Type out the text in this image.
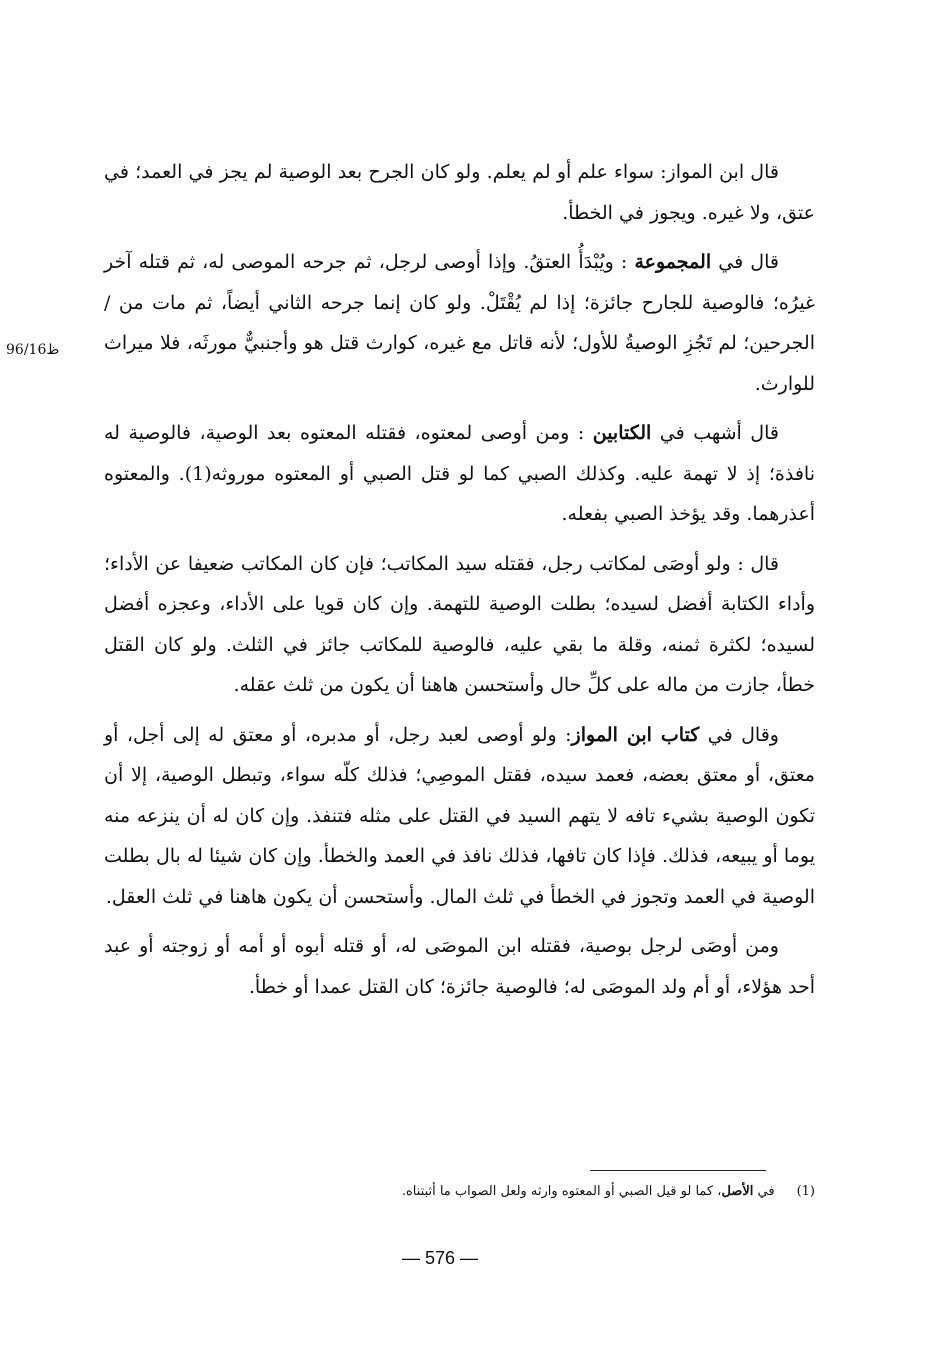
96/16ظ

قال ابن المواز: سواء علم أو لم يعلم. ولو كان الجرح بعد الوصية لم يجز في العمد؛ في عتق، ولا غيره. ويجوز في الخطأ.

قال في المجموعة : ويُبْدَأُ العتقُ. وإذا أوصى لرجل، ثم جرحه الموصى له، ثم قتله آخر غيرُه؛ فالوصية للجارح جائزة؛ إذا لم يُقْتَلْ. ولو كان إنما جرحه الثاني أيضاً، ثم مات من / الجرحين؛ لم تَجُزِ الوصيةُ للأول؛ لأنه قاتل مع غيره، كوارث قتل هو وأجنبيٌّ مورثَه، فلا ميراث للوارث.

قال أشهب في الكتابين : ومن أوصى لمعتوه، فقتله المعتوه بعد الوصية، فالوصية له نافذة؛ إذ لا تهمة عليه. وكذلك الصبي كما لو قتل الصبي أو المعتوه موروثه(1). والمعتوه أعذرهما. وقد يؤخذ الصبي بفعله.

قال : ولو أوصَى لمكاتب رجل، فقتله سيد المكاتب؛ فإن كان المكاتب ضعيفا عن الأداء؛ وأداء الكتابة أفضل لسيده؛ بطلت الوصية للتهمة. وإن كان قويا على الأداء، وعجزه أفضل لسيده؛ لكثرة ثمنه، وقلة ما بقي عليه، فالوصية للمكاتب جائز في الثلث. ولو كان القتل خطأ، جازت من ماله على كلِّ حال وأستحسن هاهنا أن يكون من ثلث عقله.

وقال في كتاب ابن المواز: ولو أوصى لعبد رجل، أو مدبره، أو معتق له إلى أجل، أو معتق، أو معتق بعضه، فعمد سيده، فقتل الموصِي؛ فذلك كلّه سواء، وتبطل الوصية، إلا أن تكون الوصية بشيء تافه لا يتهم السيد في القتل على مثله فتنفذ. وإن كان له أن ينزعه منه يوما أو يبيعه، فذلك. فإذا كان تافها، فذلك نافذ في العمد والخطأ. وإن كان شيئا له بال بطلت الوصية في العمد وتجوز في الخطأ في ثلث المال. وأستحسن أن يكون هاهنا في ثلث العقل.

ومن أوصَى لرجل بوصية، فقتله ابن الموصَى له، أو قتله أبوه أو أمه أو زوجته أو عبد أحد هؤلاء، أو أم ولد الموصَى له؛ فالوصية جائزة؛ كان القتل عمدا أو خطأ.

(1)في الأصل، كما لو قيل الصبي أو المعتوه وارثه ولعل الصواب ما أثبتناه.
— 576 —
